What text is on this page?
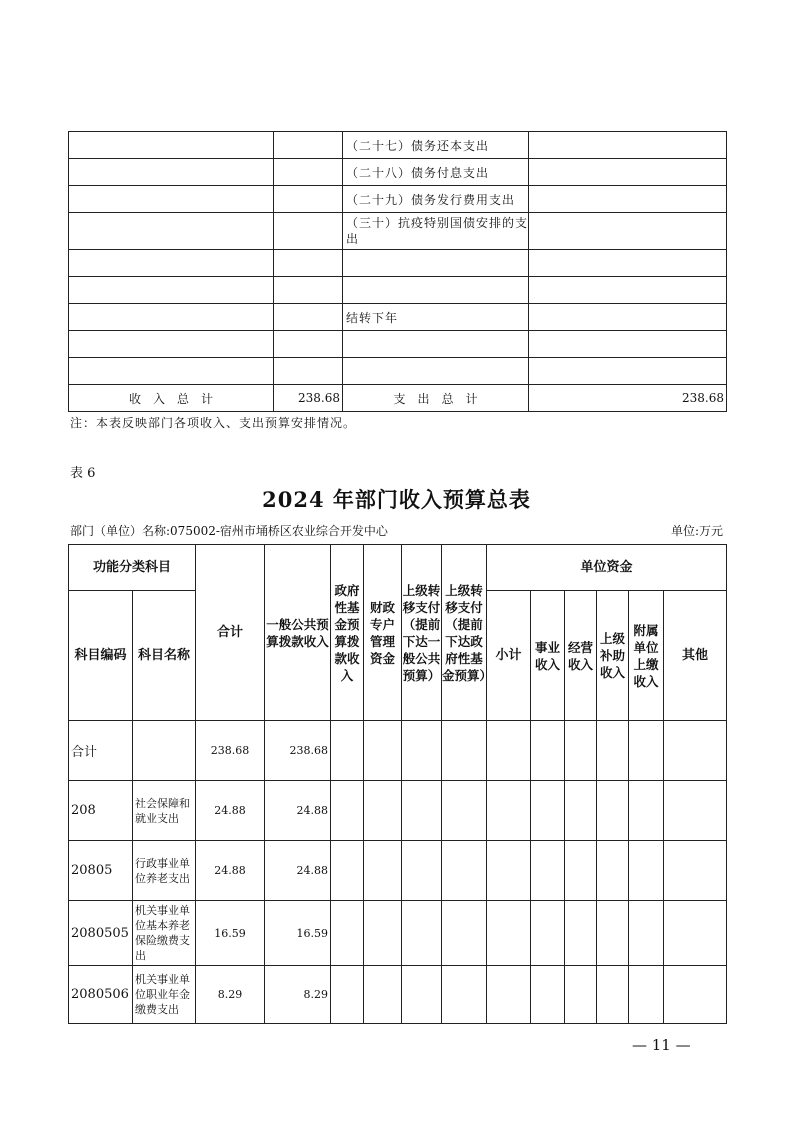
		（二十七）债务还本支出	
		（二十八）债务付息支出	
		（二十九）债务发行费用支出	
		（三十）抗疫特别国债安排的支出	

		结转下年	

收　入　总　计	238.68	支　出　总　计	238.68
注：本表反映部门各项收入、支出预算安排情况。
表 6
2024 年部门收入预算总表
部门（单位）名称:075002-宿州市埇桥区农业综合开发中心	单位:万元
功能分类科目		合计	一般公共预算拨款收入	政府性基金预算拨款收入	财政专户管理资金	上级转移支付（提前下达一般公共预算）	上级转移支付（提前下达政府性基金预算）	单位资金					
科目编码	科目名称							小计	事业收入	经营收入	上级补助收入	附属单位上缴收入	其他
合计		238.68	238.68										
208	社会保障和就业支出	24.88	24.88										
20805	行政事业单位养老支出	24.88	24.88										
2080505	机关事业单位基本养老保险缴费支出	16.59	16.59										
2080506	机关事业单位职业年金缴费支出	8.29	8.29										
— 11 —
